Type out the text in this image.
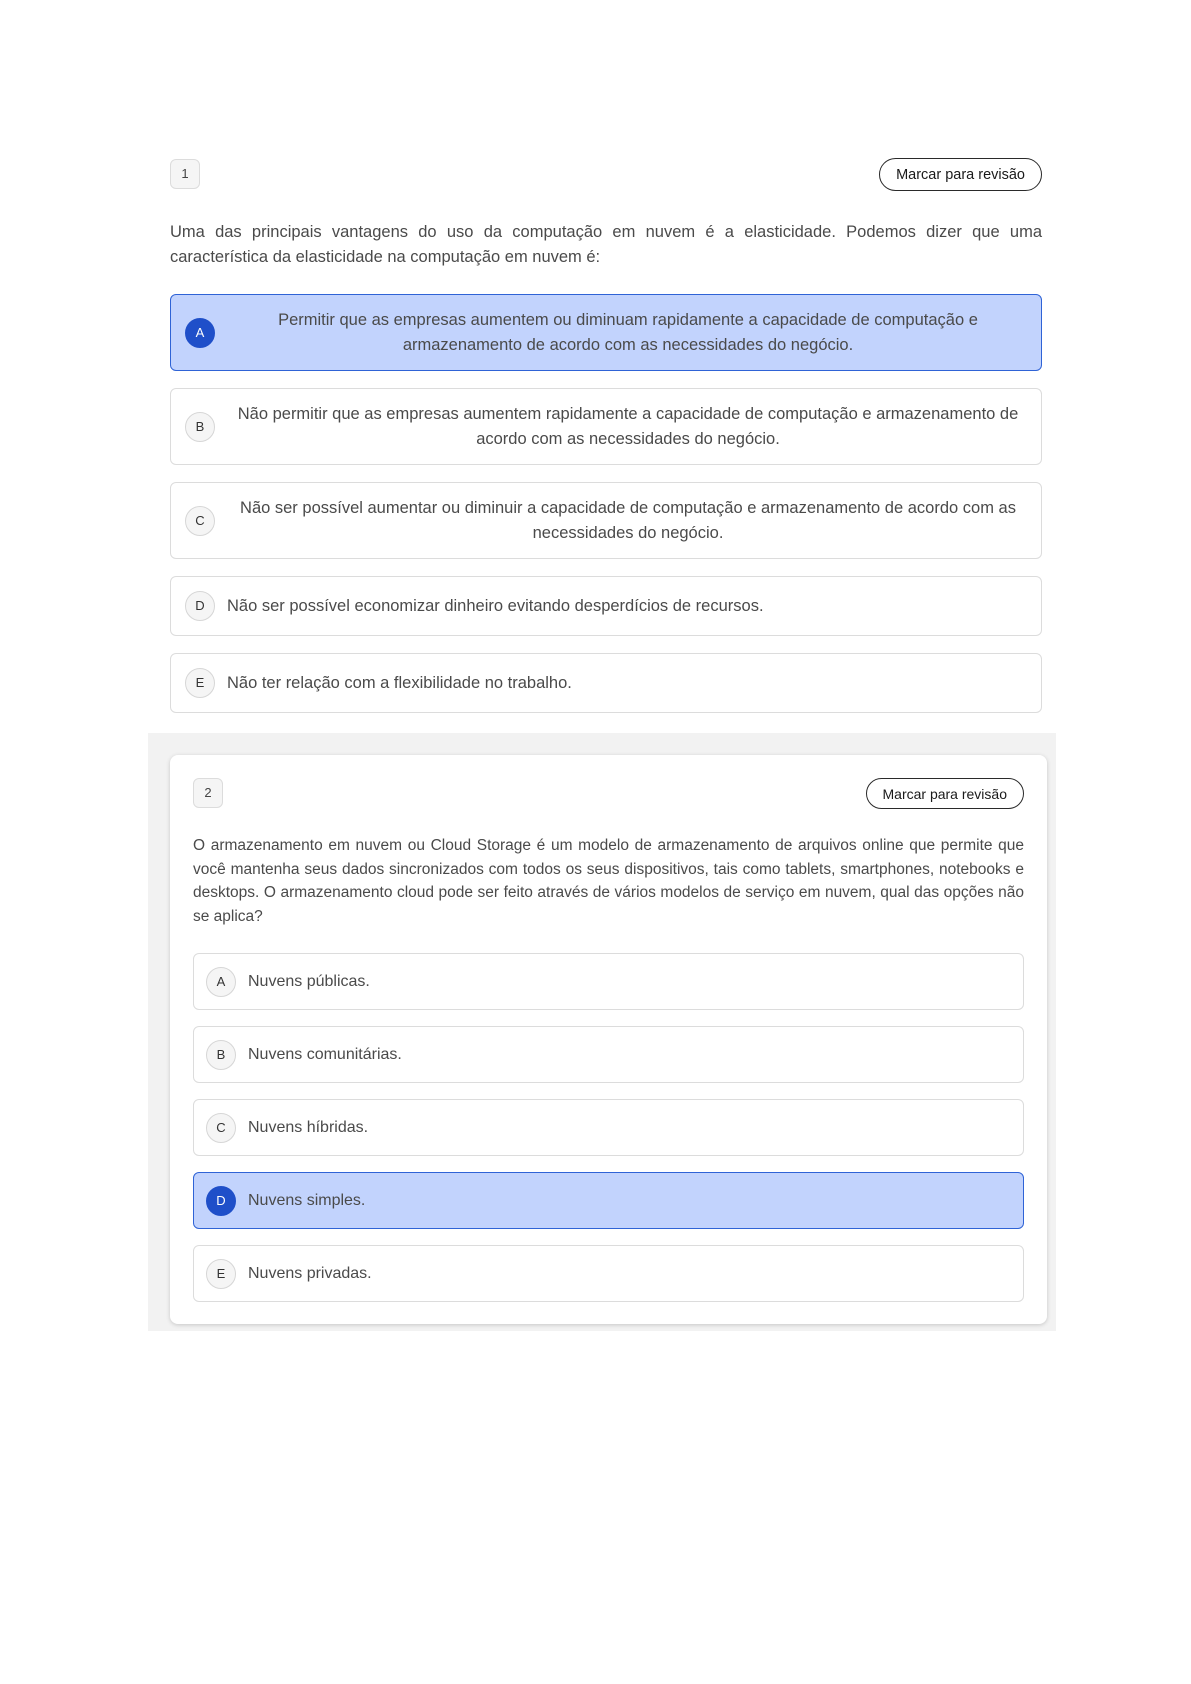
1	Marcar para revisão

Uma das principais vantagens do uso da computação em nuvem é a elasticidade. Podemos dizer que uma característica da elasticidade na computação em nuvem é:

A
Permitir que as empresas aumentem ou diminuam rapidamente a capacidade de computação e armazenamento de acordo com as necessidades do negócio.
B
Não permitir que as empresas aumentem rapidamente a capacidade de computação e armazenamento de acordo com as necessidades do negócio.
C
Não ser possível aumentar ou diminuir a capacidade de computação e armazenamento de acordo com as necessidades do negócio.
D	Não ser possível economizar dinheiro evitando desperdícios de recursos.
E	Não ter relação com a flexibilidade no trabalho.
2	Marcar para revisão

O armazenamento em nuvem ou Cloud Storage é um modelo de armazenamento de arquivos online que permite que você mantenha seus dados sincronizados com todos os seus dispositivos, tais como tablets, smartphones, notebooks e desktops. O armazenamento cloud pode ser feito através de vários modelos de serviço em nuvem, qual das opções não se aplica?

A	Nuvens públicas.
B	Nuvens comunitárias.
C	Nuvens híbridas.
D	Nuvens simples.
E	Nuvens privadas.
